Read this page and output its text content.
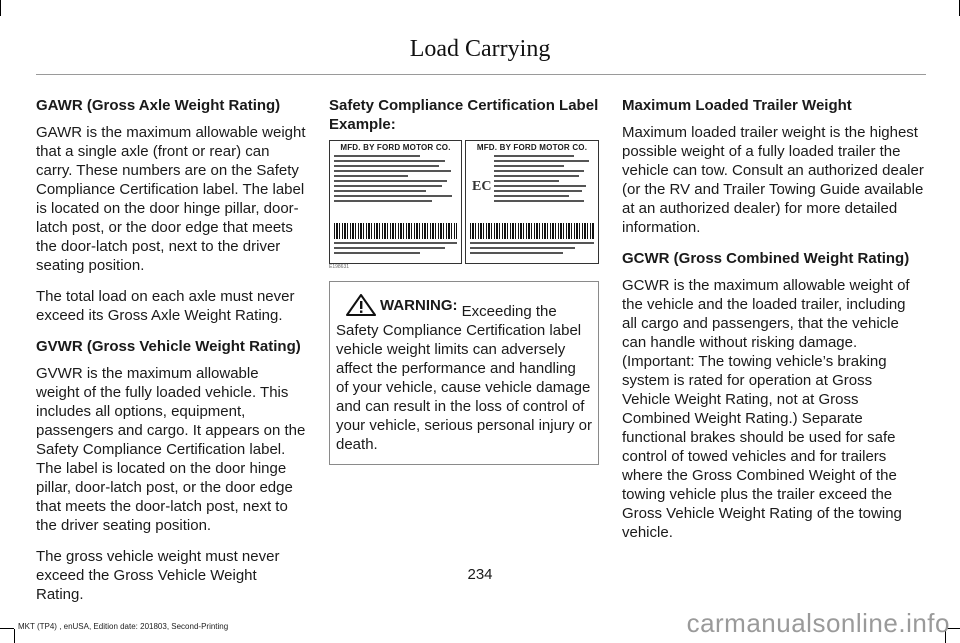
Load Carrying
GAWR (Gross Axle Weight Rating)

GAWR is the maximum allowable weight that a single axle (front or rear) can carry. These numbers are on the Safety Compliance Certification label. The label is located on the door hinge pillar, door-latch post, or the door edge that meets the door-latch post, next to the driver seating position.

The total load on each axle must never exceed its Gross Axle Weight Rating.

GVWR (Gross Vehicle Weight Rating)

GVWR is the maximum allowable weight of the fully loaded vehicle. This includes all options, equipment, passengers and cargo. It appears on the Safety Compliance Certification label. The label is located on the door hinge pillar, door-latch post, or the door edge that meets the door-latch post, next to the driver seating position.

The gross vehicle weight must never exceed the Gross Vehicle Weight Rating.

Safety Compliance Certification Label Example:
MFD. BY FORD MOTOR CO.	MFD. BY FORD MOTOR CO.
EC
E198631
WARNING: Exceeding the Safety Compliance Certification label vehicle weight limits can adversely affect the performance and handling of your vehicle, cause vehicle damage and can result in the loss of control of your vehicle, serious personal injury or death.
Maximum Loaded Trailer Weight

Maximum loaded trailer weight is the highest possible weight of a fully loaded trailer the vehicle can tow. Consult an authorized dealer (or the RV and Trailer Towing Guide available at an authorized dealer) for more detailed information.

GCWR (Gross Combined Weight Rating)

GCWR is the maximum allowable weight of the vehicle and the loaded trailer, including all cargo and passengers, that the vehicle can handle without risking damage. (Important: The towing vehicle’s braking system is rated for operation at Gross Vehicle Weight Rating, not at Gross Combined Weight Rating.) Separate functional brakes should be used for safe control of towed vehicles and for trailers where the Gross Combined Weight of the towing vehicle plus the trailer exceed the Gross Vehicle Weight Rating of the towing vehicle.

234
MKT (TP4) , enUSA, Edition date: 201803, Second-Printing	carmanualsonline.info
